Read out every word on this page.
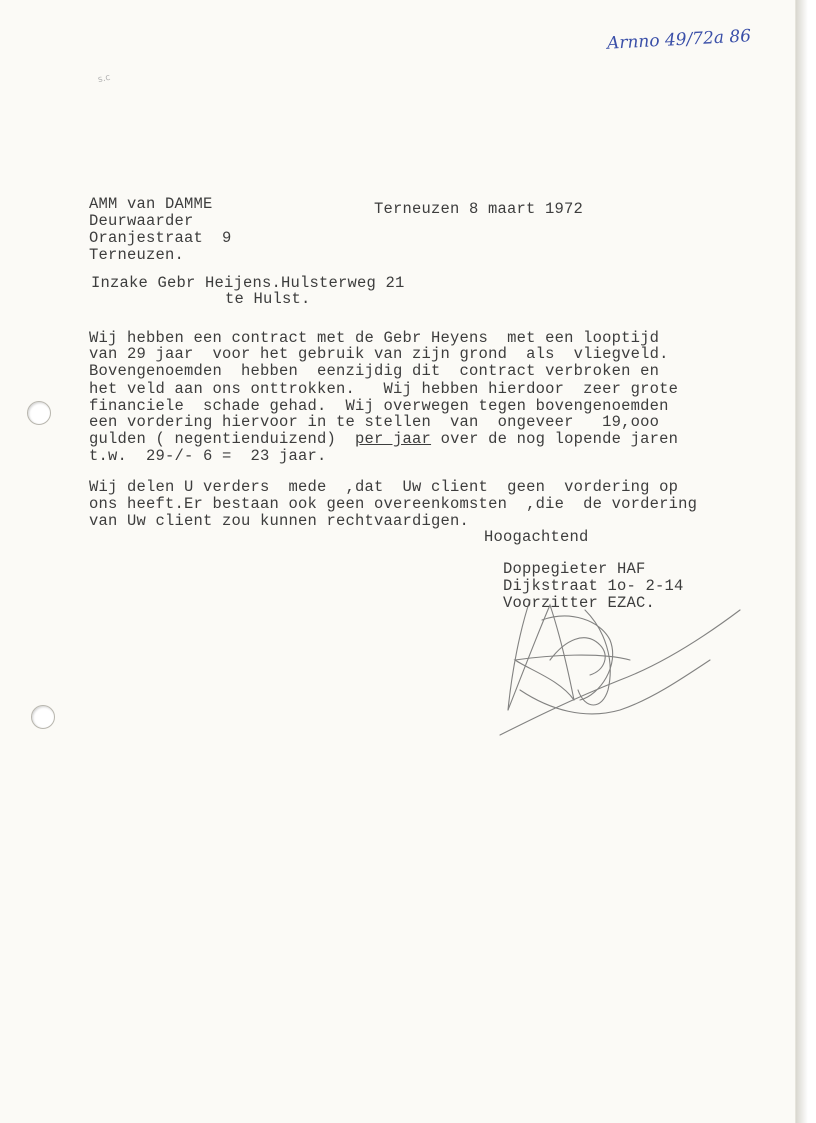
Arnno 49/72a 86
s.c
AMM van DAMME
Deurwaarder
Oranjestraat  9
Terneuzen.
Terneuzen 8 maart 1972
Inzake Gebr Heijens.Hulsterweg 21
te Hulst.
Wij hebben een contract met de Gebr Heyens  met een looptijd
van 29 jaar  voor het gebruik van zijn grond  als  vliegveld.
Bovengenoemden  hebben  eenzijdig dit  contract verbroken en
het veld aan ons onttrokken.   Wij hebben hierdoor  zeer grote
financiele  schade gehad.  Wij overwegen tegen bovengenoemden
een vordering hiervoor in te stellen  van  ongeveer   19,ooo
gulden ( negentienduizend)  per jaar over de nog lopende jaren
t.w.  29-/- 6 =  23 jaar.
Wij delen U verders  mede  ,dat  Uw client  geen  vordering op
ons heeft.Er bestaan ook geen overeenkomsten  ,die  de vordering
van Uw client zou kunnen rechtvaardigen.
Hoogachtend
Doppegieter HAF
Dijkstraat 1o- 2-14
Voorzitter EZAC.
